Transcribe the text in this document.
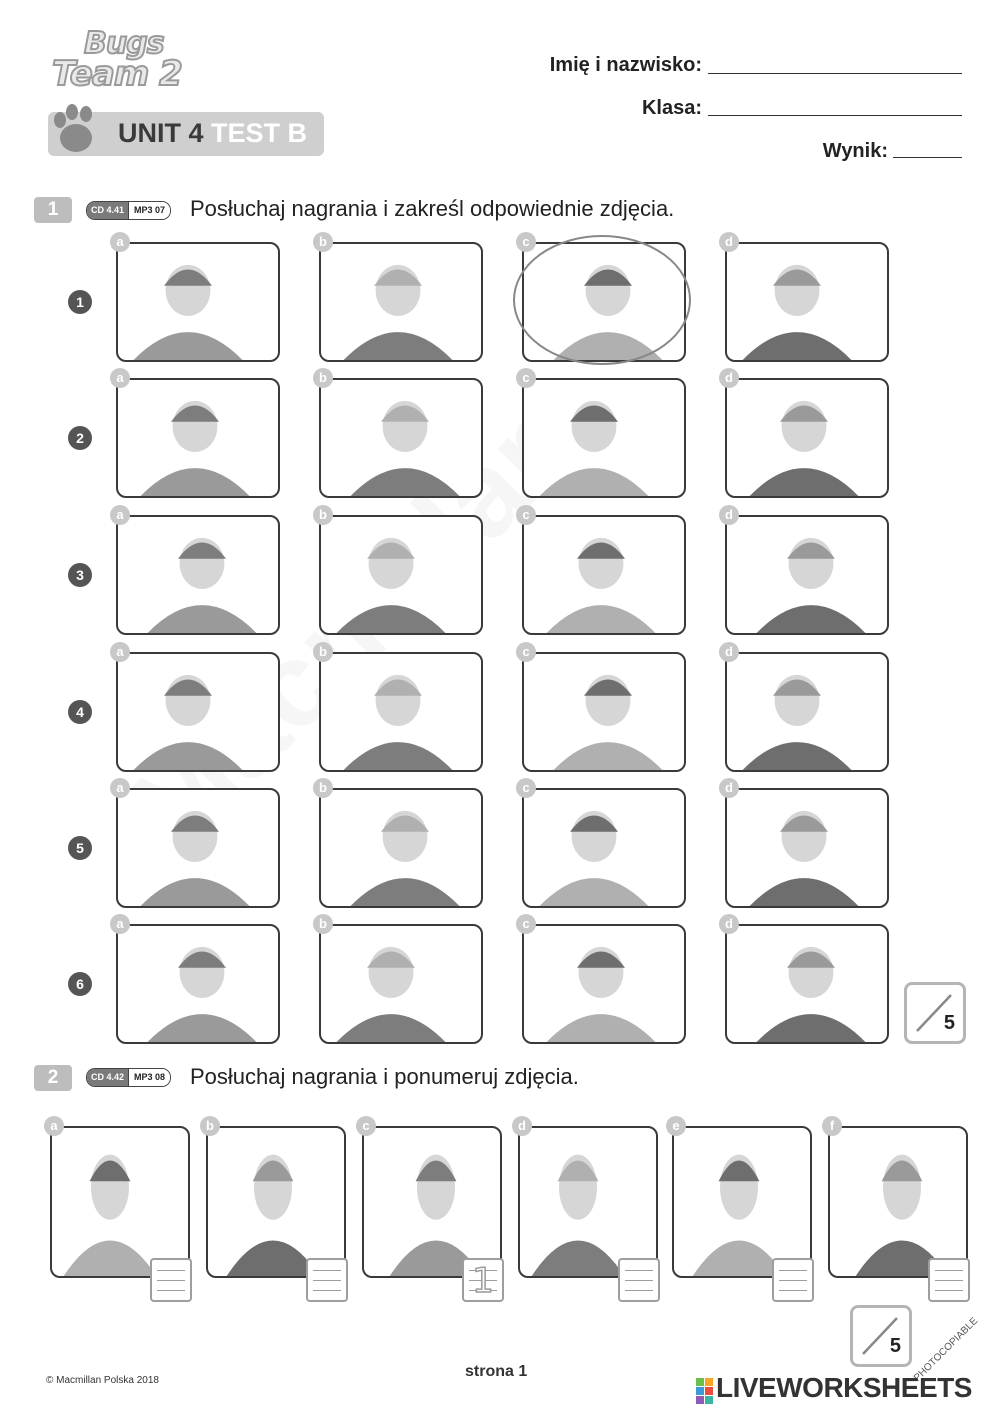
Bugs
Team 2
UNIT 4 TEST B
Imię i nazwisko:
Klasa:
Wynik:
1	CD 4.41	MP3 07 Posłuchaj nagrania i zakreśl odpowiednie zdjęcia.
1
a	b	c	d
2
a	b	c	d
3
a	b	c	d
4
a	b	c	d
5
a	b	c	d
6
a	b	c	d
5
2	CD 4.42	MP3 08 Posłuchaj nagrania i ponumeruj zdjęcia.
a	b	c
1
d	e	f
5
© Macmillan Polska 2018
strona 1	PHOTOCOPIABLE
LIVEWORKSHEETS
